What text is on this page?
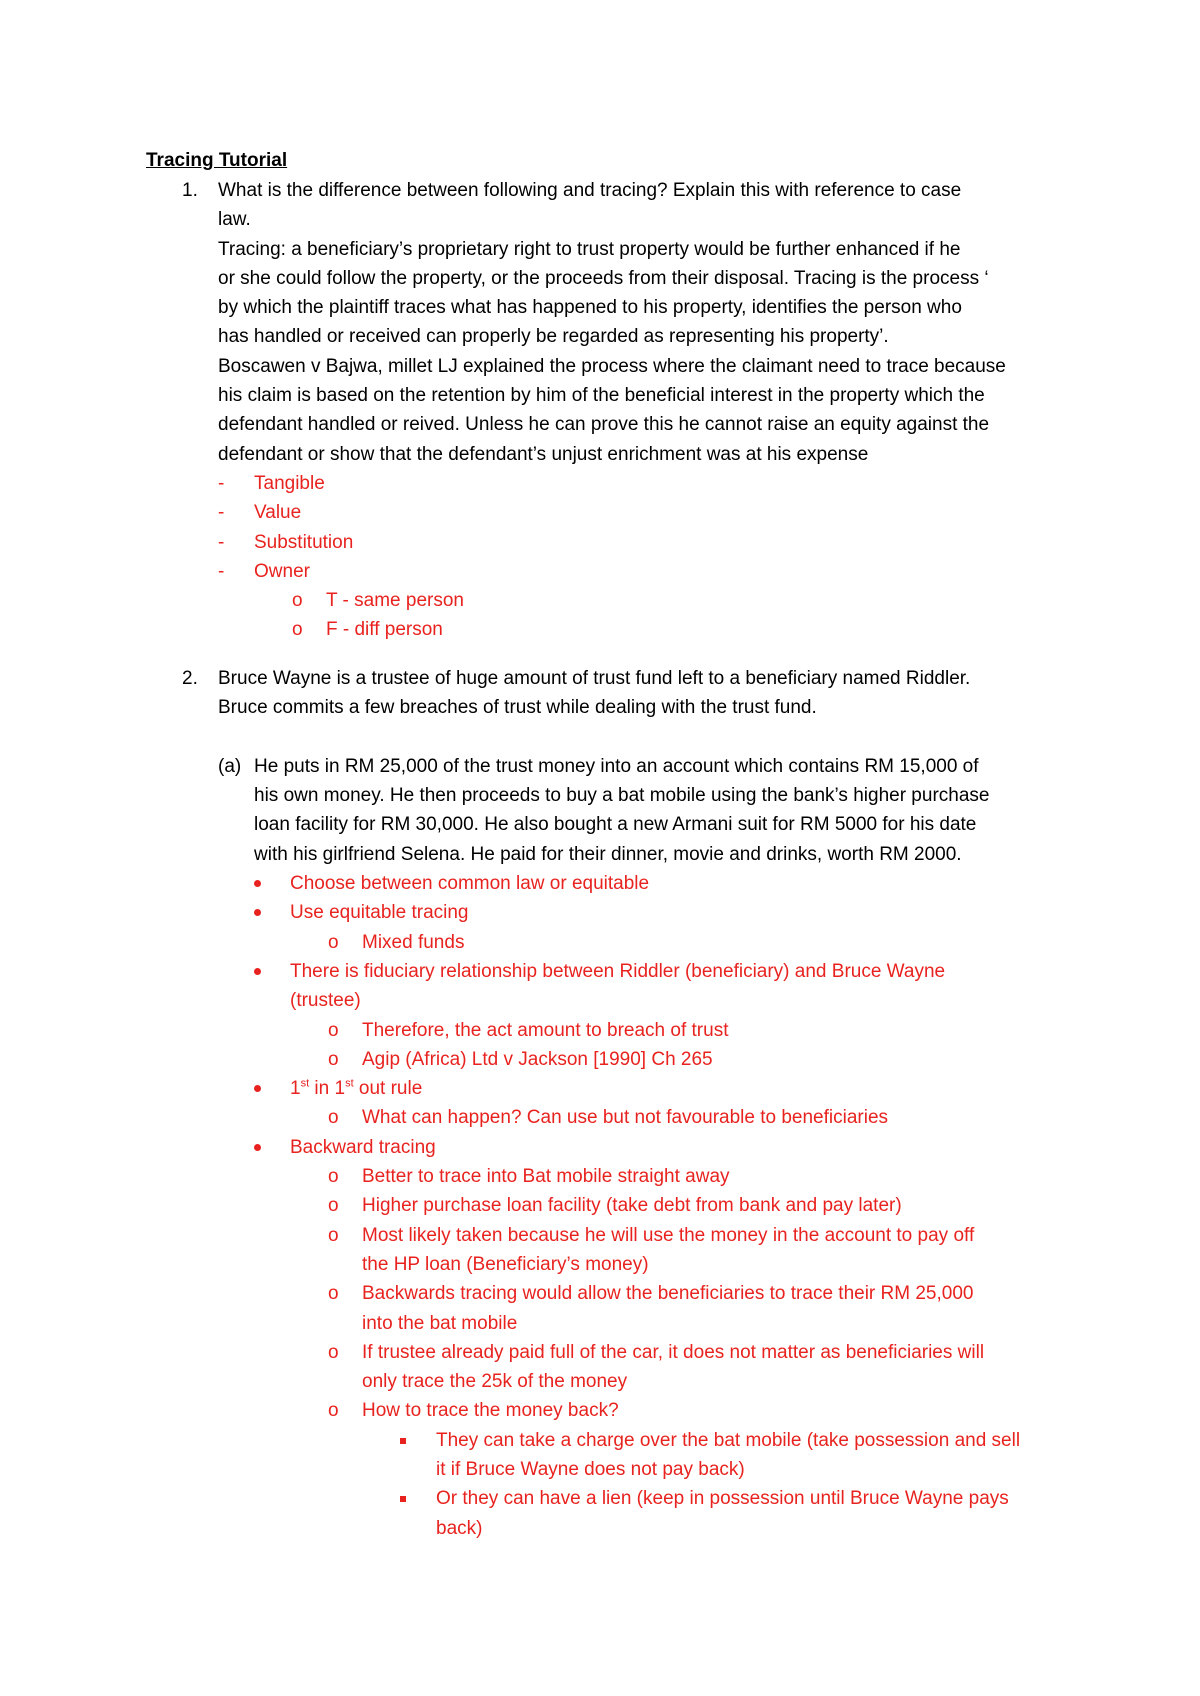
Tracing Tutorial
1. What is the difference between following and tracing? Explain this with reference to case
law.
Tracing: a beneficiary’s proprietary right to trust property would be further enhanced if he
or she could follow the property, or the proceeds from their disposal. Tracing is the process ‘
by which the plaintiff traces what has happened to his property, identifies the person who
has handled or received can properly be regarded as representing his property’.
Boscawen v Bajwa, millet LJ explained the process where the claimant need to trace because
his claim is based on the retention by him of the beneficial interest in the property which the
defendant handled or reived. Unless he can prove this he cannot raise an equity against the
defendant or show that the defendant’s unjust enrichment was at his expense
- Tangible
- Value
- Substitution
- Owner
o T - same person
o F - diff person
2. Bruce Wayne is a trustee of huge amount of trust fund left to a beneficiary named Riddler.
Bruce commits a few breaches of trust while dealing with the trust fund.
(a) He puts in RM 25,000 of the trust money into an account which contains RM 15,000 of
his own money. He then proceeds to buy a bat mobile using the bank’s higher purchase
loan facility for RM 30,000. He also bought a new Armani suit for RM 5000 for his date
with his girlfriend Selena. He paid for their dinner, movie and drinks, worth RM 2000.
Choose between common law or equitable
Use equitable tracing
o Mixed funds
There is fiduciary relationship between Riddler (beneficiary) and Bruce Wayne
(trustee)
o Therefore, the act amount to breach of trust
o Agip (Africa) Ltd v Jackson [1990] Ch 265
1st in 1st out rule
o What can happen? Can use but not favourable to beneficiaries
Backward tracing
o Better to trace into Bat mobile straight away
o Higher purchase loan facility (take debt from bank and pay later)
o Most likely taken because he will use the money in the account to pay off
the HP loan (Beneficiary’s money)
o Backwards tracing would allow the beneficiaries to trace their RM 25,000
into the bat mobile
o If trustee already paid full of the car, it does not matter as beneficiaries will
only trace the 25k of the money
o How to trace the money back?
They can take a charge over the bat mobile (take possession and sell
it if Bruce Wayne does not pay back)
Or they can have a lien (keep in possession until Bruce Wayne pays
back)
